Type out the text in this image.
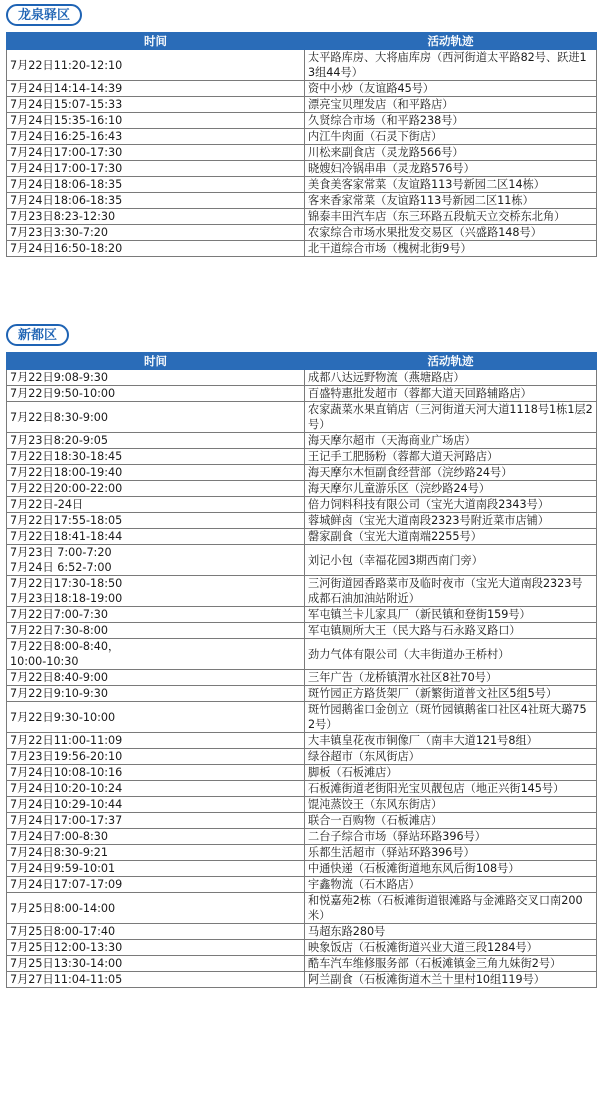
龙泉驿区
时间	活动轨迹
7月22日11:20-12:10	太平路库房、大将庙库房（西河街道太平路82号、跃进13组44号）
7月24日14:14-14:39	资中小炒（友谊路45号）
7月24日15:07-15:33	漂亮宝贝理发店（和平路店）
7月24日15:35-16:10	久贤综合市场（和平路238号）
7月24日16:25-16:43	内江牛肉面（石灵下街店）
7月24日17:00-17:30	川松来副食店（灵龙路566号）
7月24日17:00-17:30	晓嫂妇冷锅串串（灵龙路576号）
7月24日18:06-18:35	美食美客家常菜（友谊路113号新园二区14栋）
7月24日18:06-18:35	客来香家常菜（友谊路113号新园二区11栋）
7月23日8:23-12:30	锦泰丰田汽车店（东三环路五段航天立交桥东北角）
7月23日3:30-7:20	农家综合市场水果批发交易区（兴盛路148号）
7月24日16:50-18:20	北干道综合市场（槐树北街9号）
新都区
时间	活动轨迹
7月22日9:08-9:30	成都八达远野物流（燕塘路店）
7月22日9:50-10:00	百盛特惠批发超市（蓉都大道天回路辅路店）
7月22日8:30-9:00	农家蔬菜水果直销店（三河街道天河大道1118号1栋1层2号）
7月23日8:20-9:05	海天摩尔超市（天海商业广场店）
7月22日18:30-18:45	王记手工肥肠粉（蓉都大道天河路店）
7月22日18:00-19:40	海天摩尔木恒副食经营部（浣纱路24号）
7月22日20:00-22:00	海天摩尔儿童游乐区（浣纱路24号）
7月22日-24日	倍力饲料科技有限公司（宝光大道南段2343号）
7月22日17:55-18:05	蓉城鲜卤（宝光大道南段2323号附近菜市店铺）
7月22日18:41-18:44	罄家副食（宝光大道南端2255号）
7月23日 7:00-7:20
7月24日 6:52-7:00	刘记小包（幸福花园3期西南门旁）
7月22日17:30-18:50
7月23日18:18-19:00	三河街道园香路菜市及临时夜市（宝光大道南段2323号成都石油加油站附近）
7月22日7:00-7:30	军屯镇兰卡儿家具厂（新民镇和登街159号）
7月22日7:30-8:00	军屯镇厕所大王（民大路与石永路叉路口）
7月22日8:00-8:40，
10:00-10:30	劲力气体有限公司（大丰街道办王桥村）
7月22日8:40-9:00	三年广告（龙桥镇渭水社区8社70号）
7月22日9:10-9:30	斑竹园正方路货架厂（新繁街道普文社区5组5号）
7月22日9:30-10:00	斑竹园鹅雀口金创立（斑竹园镇鹅雀口社区4社斑大璐752号）
7月22日11:00-11:09	大丰镇皇花夜市铜像厂（南丰大道121号8组）
7月23日19:56-20:10	绿谷超市（东风街店）
7月24日10:08-10:16	脚板（石板滩店）
7月24日10:20-10:24	石板滩街道老街阳光宝贝靓包店（地正兴街145号）
7月24日10:29-10:44	馄沌蒸饺王（东风东街店）
7月24日17:00-17:37	联合一百购物（石板滩店）
7月24日7:00-8:30	二台子综合市场（驿站环路396号）
7月24日8:30-9:21	乐都生活超市（驿站环路396号）
7月24日9:59-10:01	中通快递（石板滩街道地东风后街108号）
7月24日17:07-17:09	宇鑫物流（石木路店）
7月25日8:00-14:00	和悦嘉苑2栋（石板滩街道银滩路与金滩路交叉口南200米）
7月25日8:00-17:40	马超东路280号
7月25日12:00-13:30	映象饭店（石板滩街道兴业大道三段1284号）
7月25日13:30-14:00	酷车汽车维修服务部（石板滩镇金三角九妹街2号）
7月27日11:04-11:05	阿兰副食（石板滩街道木兰十里村10组119号）
